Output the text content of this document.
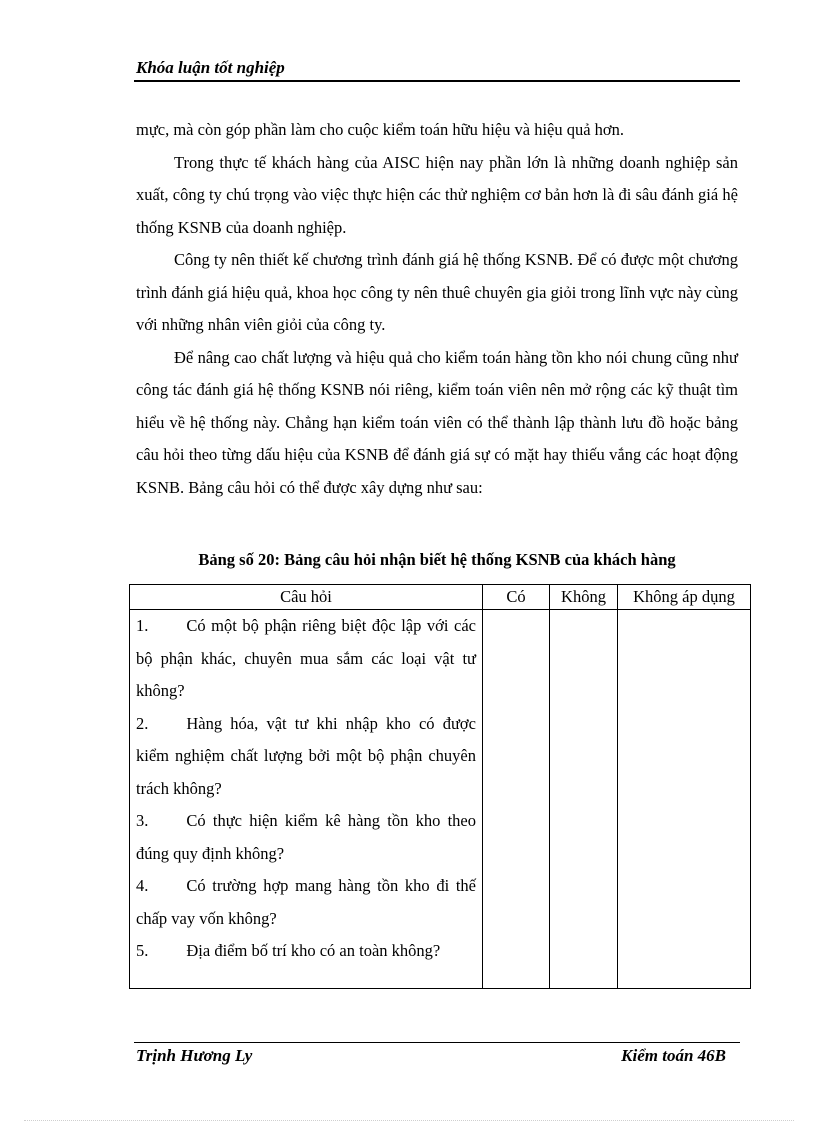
Khóa luận tốt nghiệp

mực, mà còn góp phần làm cho cuộc kiểm toán hữu hiệu và hiệu quả hơn.

Trong thực tế khách hàng của AISC hiện nay phần lớn là những doanh nghiệp sản xuất, công ty chú trọng vào việc thực hiện các thử nghiệm cơ bản hơn là đi sâu đánh giá hệ thống KSNB của doanh nghiệp.

Công ty nên thiết kế chương trình đánh giá hệ thống KSNB. Để có được một chương trình đánh giá hiệu quả, khoa học công ty nên thuê chuyên gia giỏi trong lĩnh vực này cùng với những nhân viên giỏi của công ty.

Để nâng cao chất lượng và hiệu quả cho kiểm toán hàng tồn kho nói chung cũng như công tác đánh giá hệ thống KSNB nói riêng, kiểm toán viên nên mở rộng các kỹ thuật tìm hiểu về hệ thống này. Chẳng hạn kiểm toán viên có thể thành lập thành lưu đồ hoặc bảng câu hỏi theo từng dấu hiệu của KSNB để đánh giá sự có mặt hay thiếu vắng các hoạt động KSNB. Bảng câu hỏi có thể được xây dựng như sau:

Bảng số 20: Bảng câu hỏi nhận biết hệ thống KSNB của khách hàng
Câu hỏi	Có	Không	Không áp dụng

1. Có một bộ phận riêng biệt độc lập với các bộ phận khác, chuyên mua sắm các loại vật tư không?
2. Hàng hóa, vật tư khi nhập kho có được kiểm nghiệm chất lượng bởi một bộ phận chuyên trách không?
3. Có thực hiện kiểm kê hàng tồn kho theo đúng quy định không?
4. Có trường hợp mang hàng tồn kho đi thế chấp vay vốn không?
5. Địa điểm bố trí kho có an toàn không?			

Trịnh Hương Ly	Kiểm toán 46B
